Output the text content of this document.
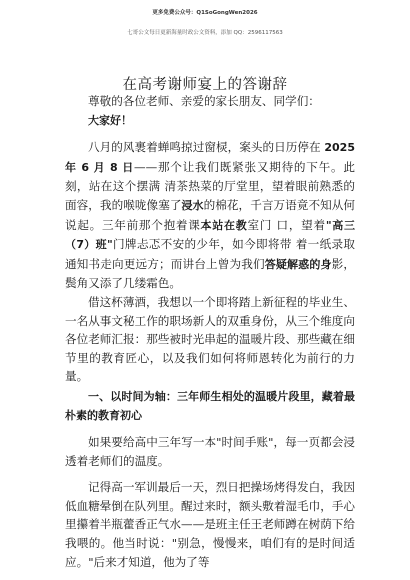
更多免费公众号：Q1SoGongWen2026
七哥公文每日更新海量时政公文资料，添加 QQ：2596117563
在高考谢师宴上的答谢辞

尊敬的各位老师、亲爱的家长朋友、同学们：

大家好！

八月的风裹着蝉鸣掠过窗棂，案头的日历停在 2025 年 6 月 8 日——那个让我们既紧张又期待的下午。此刻，站在这个摆满 清茶热菜的厅堂里，望着眼前熟悉的面容，我的喉咙像塞了浸水的棉花，千言万语竟不知从何说起。三年前那个抱着课本站在教室门 口，望着"高三（7）班"门牌忐忑不安的少年，如今即将带 着一纸录取通知书走向更远方；而讲台上曾为我们答疑解惑的身影，鬓角又添了几缕霜色。

借这杯薄酒，我想以一个即将踏上新征程的毕业生、一名从事文秘工作的职场新人的双重身份，从三个维度向各位老师汇报：那些被时光串起的温暖片段、那些藏在细节里的教育匠心，以及我们如何将师恩转化为前行的力量。

一、以时间为轴：三年师生相处的温暖片段里，藏着最朴素的教育初心

如果要给高中三年写一本"时间手账"，每一页都会浸透着老师们的温度。

记得高一军训最后一天，烈日把操场烤得发白，我因低血糖晕倒在队列里。醒过来时，额头敷着湿毛巾，手心里攥着半瓶藿香正气水——是班主任王老师蹲在树荫下给我喂的。他当时说："别急，慢慢来，咱们有的是时间适应。"后来才知道，他为了等
